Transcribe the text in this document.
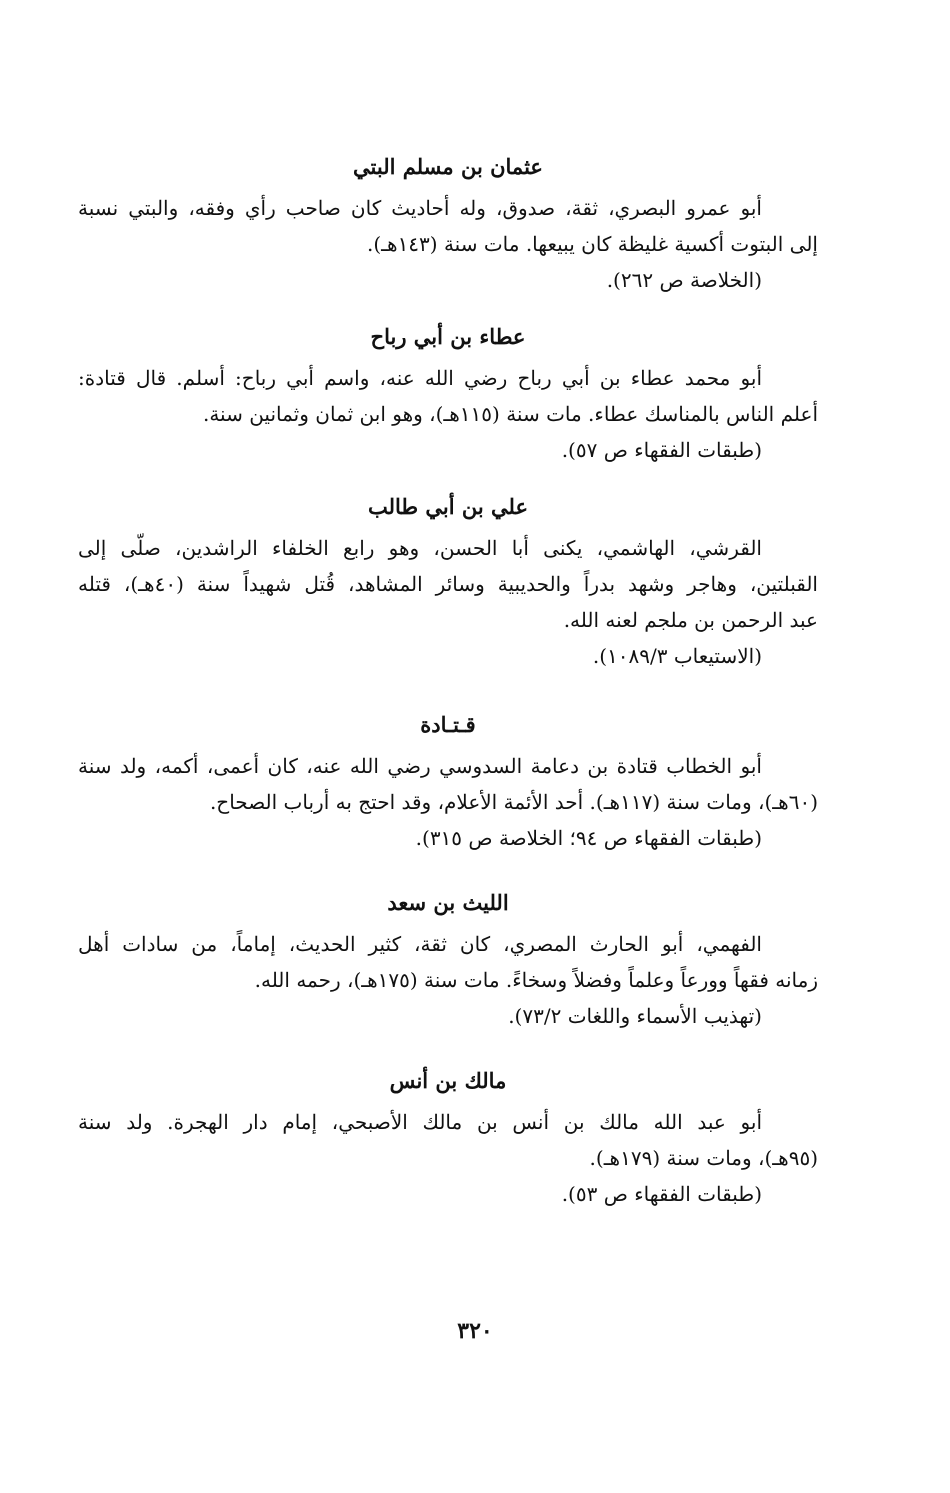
عثمان بن مسلم البتي
أبو عمرو البصري، ثقة، صدوق، وله أحاديث كان صاحب رأي وفقه، والبتي نسبة
إلى البتوت أكسية غليظة كان يبيعها. مات سنة (١٤٣هـ).
(الخلاصة ص ٢٦٢).
عطاء بن أبي رباح
أبو محمد عطاء بن أبي رباح رضي الله عنه، واسم أبي رباح: أسلم. قال قتادة:
أعلم الناس بالمناسك عطاء. مات سنة (١١٥هـ)، وهو ابن ثمان وثمانين سنة.
(طبقات الفقهاء ص ٥٧).
علي بن أبي طالب
القرشي، الهاشمي، يكنى أبا الحسن، وهو رابع الخلفاء الراشدين، صلّى إلى
القبلتين، وهاجر وشهد بدراً والحديبية وسائر المشاهد، قُتل شهيداً سنة (٤٠هـ)، قتله
عبد الرحمن بن ملجم لعنه الله.
(الاستيعاب ١٠٨٩/٣).
قـتـادة
أبو الخطاب قتادة بن دعامة السدوسي رضي الله عنه، كان أعمى، أكمه، ولد سنة
(٦٠هـ)، ومات سنة (١١٧هـ). أحد الأئمة الأعلام، وقد احتج به أرباب الصحاح.
(طبقات الفقهاء ص ٩٤؛ الخلاصة ص ٣١٥).
الليث بن سعد
الفهمي، أبو الحارث المصري، كان ثقة، كثير الحديث، إماماً، من سادات أهل
زمانه فقهاً وورعاً وعلماً وفضلاً وسخاءً. مات سنة (١٧٥هـ)، رحمه الله.
(تهذيب الأسماء واللغات ٧٣/٢).
مالك بن أنس
أبو عبد الله مالك بن أنس بن مالك الأصبحي، إمام دار الهجرة. ولد سنة
(٩٥هـ)، ومات سنة (١٧٩هـ).
(طبقات الفقهاء ص ٥٣).
٣٢٠
